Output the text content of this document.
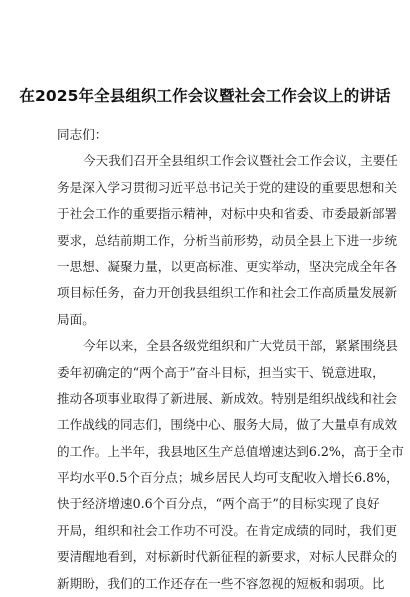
在2025年全县组织工作会议暨社会工作会议上的讲话
同志们：
今天我们召开全县组织工作会议暨社会工作会议，主要任
务是深入学习贯彻习近平总书记关于党的建设的重要思想和关
于社会工作的重要指示精神，对标中央和省委、市委最新部署
要求，总结前期工作，分析当前形势，动员全县上下进一步统
一思想、凝聚力量，以更高标准、更实举动，坚决完成全年各
项目标任务，奋力开创我县组织工作和社会工作高质量发展新
局面。
今年以来，全县各级党组织和广大党员干部，紧紧围绕县
委年初确定的“两个高于”奋斗目标，担当实干、锐意进取，
推动各项事业取得了新进展、新成效。特别是组织战线和社会
工作战线的同志们，围绕中心、服务大局，做了大量卓有成效
的工作。上半年，我县地区生产总值增速达到6.2%，高于全市
平均水平0.5个百分点；城乡居民人均可支配收入增长6.8%，
快于经济增速0.6个百分点，“两个高于”的目标实现了良好
开局，组织和社会工作功不可没。在肯定成绩的同时，我们更
要清醒地看到，对标新时代新征程的新要求，对标人民群众的
新期盼，我们的工作还存在一些不容忽视的短板和弱项。比
